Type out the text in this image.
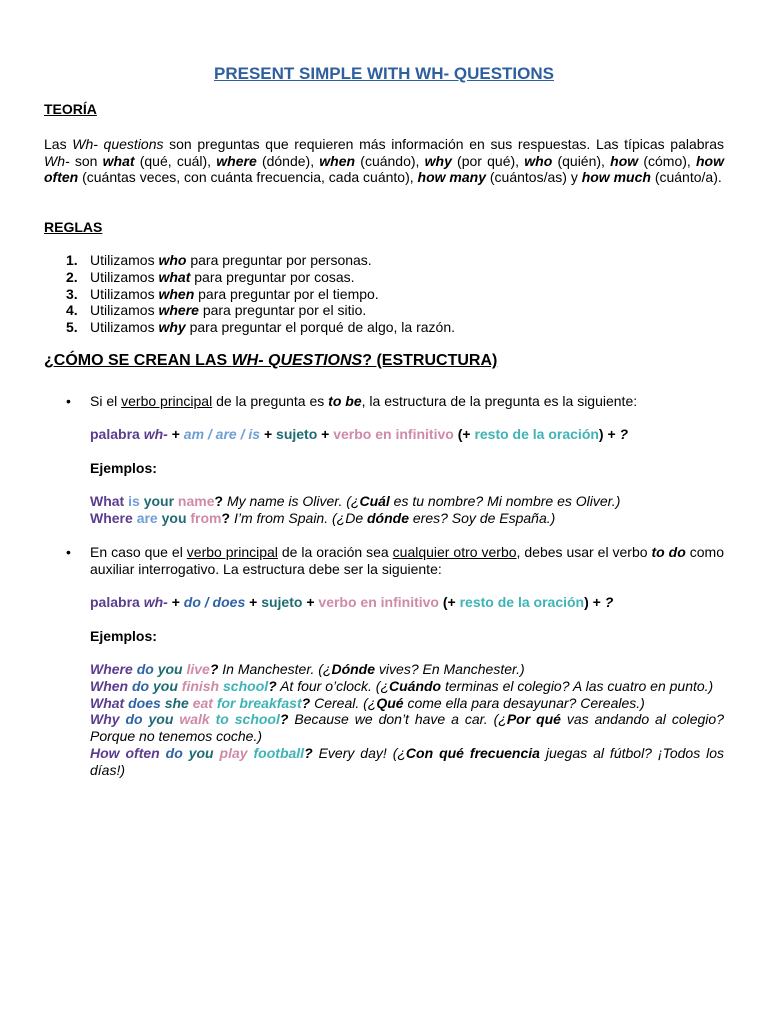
PRESENT SIMPLE WITH WH- QUESTIONS
TEORÍA

Las Wh- questions son preguntas que requieren más información en sus respuestas. Las típicas palabras Wh- son what (qué, cuál), where (dónde), when (cuándo), why (por qué), who (quién), how (cómo), how often (cuántas veces, con cuánta frecuencia, cada cuánto), how many (cuántos/as) y how much (cuánto/a).

REGLAS
1. Utilizamos who para preguntar por personas.
2. Utilizamos what para preguntar por cosas.
3. Utilizamos when para preguntar por el tiempo.
4. Utilizamos where para preguntar por el sitio.
5. Utilizamos why para preguntar el porqué de algo, la razón.
¿CÓMO SE CREAN LAS WH- QUESTIONS? (ESTRUCTURA)
• Si el verbo principal de la pregunta es to be, la estructura de la pregunta es la siguiente:
palabra wh- + am / are / is + sujeto + verbo en infinitivo (+ resto de la oración) + ?
Ejemplos:
What is your name? My name is Oliver. (¿Cuál es tu nombre? Mi nombre es Oliver.)
Where are you from? I’m from Spain. (¿De dónde eres? Soy de España.)
• En caso que el verbo principal de la oración sea cualquier otro verbo, debes usar el verbo to do como auxiliar interrogativo. La estructura debe ser la siguiente:
palabra wh- + do / does + sujeto + verbo en infinitivo (+ resto de la oración) + ?
Ejemplos:
Where do you live? In Manchester. (¿Dónde vives? En Manchester.)
When do you finish school? At four o’clock. (¿Cuándo terminas el colegio? A las cuatro en punto.)
What does she eat for breakfast? Cereal. (¿Qué come ella para desayunar? Cereales.)
Why do you walk to school? Because we don’t have a car. (¿Por qué vas andando al colegio? Porque no tenemos coche.)
How often do you play football? Every day! (¿Con qué frecuencia juegas al fútbol? ¡Todos los días!)
